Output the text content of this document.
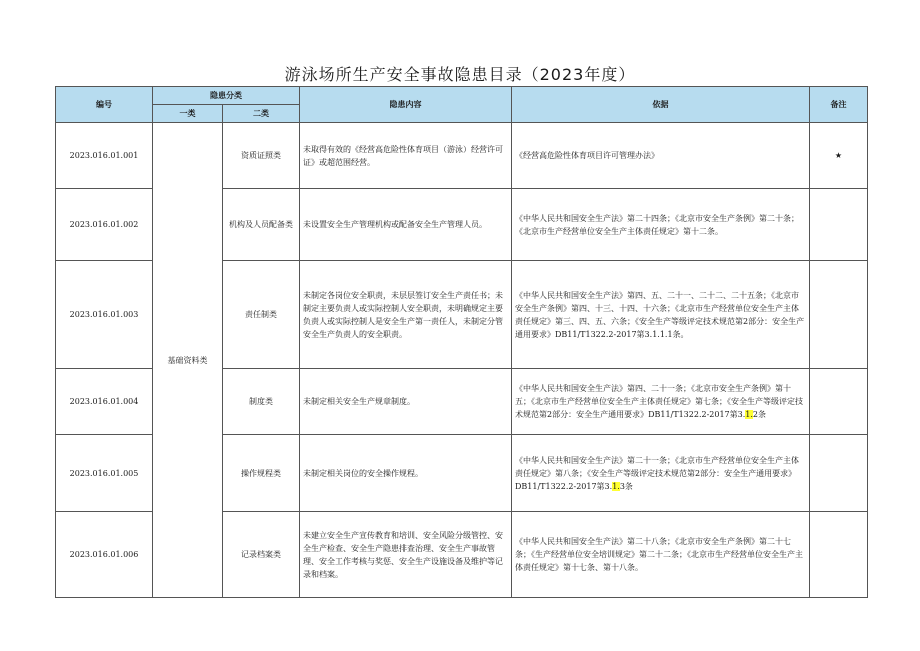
游泳场所生产安全事故隐患目录（2023年度）
编号	隐患分类		隐患内容	依据	备注
	一类	二类			
2023.016.01.001	基础资料类	资质证照类	未取得有效的《经营高危险性体育项目（游泳）经营许可证》或超范围经营。	《经营高危险性体育项目许可管理办法》	★
2023.016.01.002		机构及人员配备类	未设置安全生产管理机构或配备安全生产管理人员。	《中华人民共和国安全生产法》第二十四条；《北京市安全生产条例》第二十条；《北京市生产经营单位安全生产主体责任规定》第十二条。	
2023.016.01.003		责任制类	未制定各岗位安全职责，未层层签订安全生产责任书；未制定主要负责人或实际控制人安全职责，未明确规定主要负责人或实际控制人是安全生产第一责任人，未制定分管安全生产负责人的安全职责。	《中华人民共和国安全生产法》第四、五、二十一、二十二、二十五条；《北京市安全生产条例》第四、十三、十四、十六条；《北京市生产经营单位安全生产主体责任规定》第三、四、五、六条；《安全生产等级评定技术规范第2部分：安全生产通用要求》DB11/T1322.2-2017第3.1.1.1条。	
2023.016.01.004		制度类	未制定相关安全生产规章制度。	《中华人民共和国安全生产法》第四、二十一条；《北京市安全生产条例》第十五；《北京市生产经营单位安全生产主体责任规定》第七条；《安全生产等级评定技术规范第2部分：安全生产通用要求》DB11/T1322.2-2017第3.1.2条	
2023.016.01.005		操作规程类	未制定相关岗位的安全操作规程。	《中华人民共和国安全生产法》第二十一条；《北京市生产经营单位安全生产主体责任规定》第八条；《安全生产等级评定技术规范第2部分：安全生产通用要求》DB11/T1322.2-2017第3.1.3条	
2023.016.01.006		记录档案类	未建立安全生产宣传教育和培训、安全风险分级管控、安全生产检查、安全生产隐患排查治理、安全生产事故管理、安全工作考核与奖惩、安全生产设施设备及维护等记录和档案。	《中华人民共和国安全生产法》第二十八条；《北京市安全生产条例》第二十七条；《生产经营单位安全培训规定》第二十二条；《北京市生产经营单位安全生产主体责任规定》第十七条、第十八条。	
